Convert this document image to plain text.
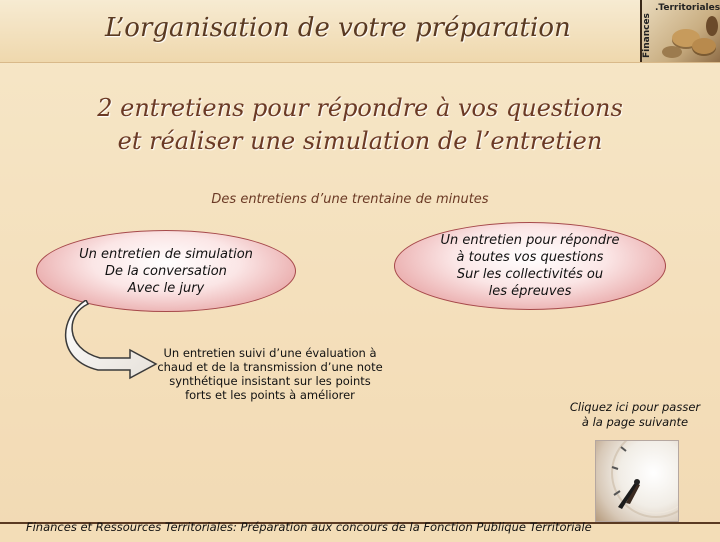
L’organisation de votre préparation	Finances
.Territoriales
2 entretiens pour répondre à vos questions
et réaliser une simulation de l’entretien
Des entretiens d’une trentaine de minutes
Un entretien de simulation
De la conversation
Avec le jury
Un entretien pour répondre
à toutes vos questions
Sur les collectivités ou
les épreuves
Un entretien suivi d’une évaluation à
chaud et de la transmission d’une note
synthétique insistant sur les points
forts et les points à améliorer
Cliquez ici pour passer
à la page suivante
Finances et Ressources Territoriales: Préparation aux concours de la Fonction Publique Territoriale
